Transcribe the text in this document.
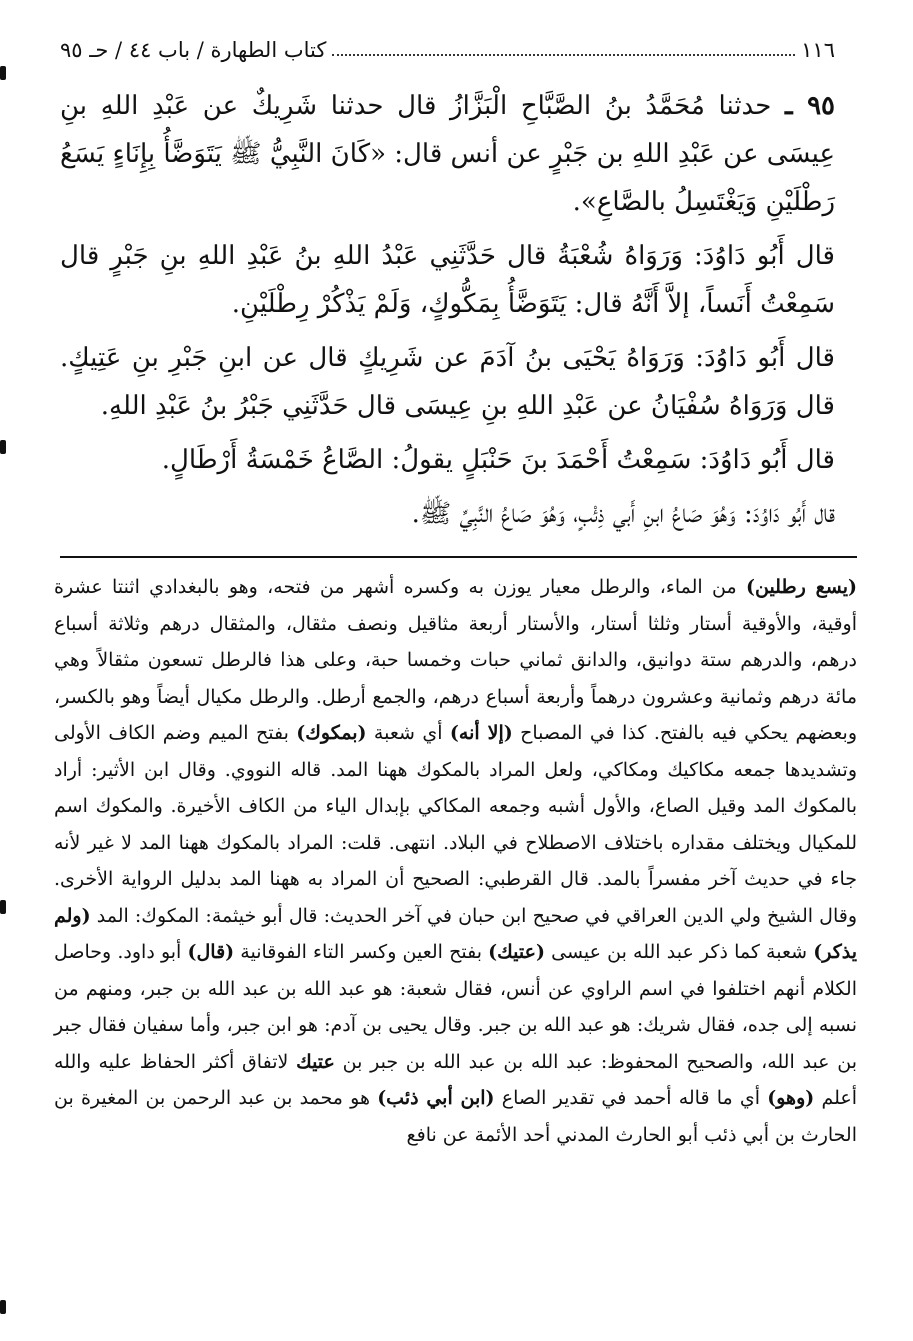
١١٦
كتاب الطهارة / باب ٤٤ / حـ ٩٥

٩٥ ـ حدثنا مُحَمَّدُ بنُ الصَّبَّاحِ الْبَزَّازُ قال حدثنا شَرِيكٌ عن عَبْدِ اللهِ بنِ عِيسَى عن عَبْدِ اللهِ بن جَبْرٍ عن أنس قال: «كَانَ النَّبِيُّ ﷺ يَتَوَضَّأُ بِإِنَاءٍ يَسَعُ رَطْلَيْنِ وَيَغْتَسِلُ بالصَّاعِ».

قال أَبُو دَاوُدَ: وَرَوَاهُ شُعْبَةُ قال حَدَّثَنِي عَبْدُ اللهِ بنُ عَبْدِ اللهِ بنِ جَبْرٍ قال سَمِعْتُ أَنَساً، إلاَّ أَنَّهُ قال: يَتَوَضَّأُ بِمَكُّوكٍ، وَلَمْ يَذْكُرْ رِطْلَيْنِ.

قال أَبُو دَاوُدَ: وَرَوَاهُ يَحْيَى بنُ آدَمَ عن شَرِيكٍ قال عن ابنِ جَبْرِ بنِ عَتِيكٍ. قال وَرَوَاهُ سُفْيَانُ عن عَبْدِ اللهِ بنِ عِيسَى قال حَدَّثَنِي جَبْرُ بنُ عَبْدِ اللهِ.

قال أَبُو دَاوُدَ: سَمِعْتُ أَحْمَدَ بنَ حَنْبَلٍ يقولُ: الصَّاعُ خَمْسَةُ أَرْطَالٍ.

قال أَبُو دَاوُدَ: وَهُوَ صَاعُ ابنِ أَبي ذِئْبٍ، وَهُوَ صَاعُ النَّبِيِّ ﷺ.

(يسع رطلين) من الماء، والرطل معيار يوزن به وكسره أشهر من فتحه، وهو بالبغدادي اثنتا عشرة أوقية، والأوقية أستار وثلثا أستار، والأستار أربعة مثاقيل ونصف مثقال، والمثقال درهم وثلاثة أسباع درهم، والدرهم ستة دوانيق، والدانق ثماني حبات وخمسا حبة، وعلى هذا فالرطل تسعون مثقالاً وهي مائة درهم وثمانية وعشرون درهماً وأربعة أسباع درهم، والجمع أرطل. والرطل مكيال أيضاً وهو بالكسر، وبعضهم يحكي فيه بالفتح. كذا في المصباح (إلا أنه) أي شعبة (بمكوك) بفتح الميم وضم الكاف الأولى وتشديدها جمعه مكاكيك ومكاكي، ولعل المراد بالمكوك ههنا المد. قاله النووي. وقال ابن الأثير: أراد بالمكوك المد وقيل الصاع، والأول أشبه وجمعه المكاكي بإبدال الياء من الكاف الأخيرة. والمكوك اسم للمكيال ويختلف مقداره باختلاف الاصطلاح في البلاد. انتهى. قلت: المراد بالمكوك ههنا المد لا غير لأنه جاء في حديث آخر مفسراً بالمد. قال القرطبي: الصحيح أن المراد به ههنا المد بدليل الرواية الأخرى. وقال الشيخ ولي الدين العراقي في صحيح ابن حبان في آخر الحديث: قال أبو خيثمة: المكوك: المد (ولم يذكر) شعبة كما ذكر عبد الله بن عيسى (عتيك) بفتح العين وكسر التاء الفوقانية (قال) أبو داود. وحاصل الكلام أنهم اختلفوا في اسم الراوي عن أنس، فقال شعبة: هو عبد الله بن عبد الله بن جبر، ومنهم من نسبه إلى جده، فقال شريك: هو عبد الله بن جبر. وقال يحيى بن آدم: هو ابن جبر، وأما سفيان فقال جبر بن عبد الله، والصحيح المحفوظ: عبد الله بن عبد الله بن جبر بن عتيك لاتفاق أكثر الحفاظ عليه والله أعلم (وهو) أي ما قاله أحمد في تقدير الصاع (ابن أبي ذئب) هو محمد بن عبد الرحمن بن المغيرة بن الحارث بن أبي ذئب أبو الحارث المدني أحد الأئمة عن نافع
